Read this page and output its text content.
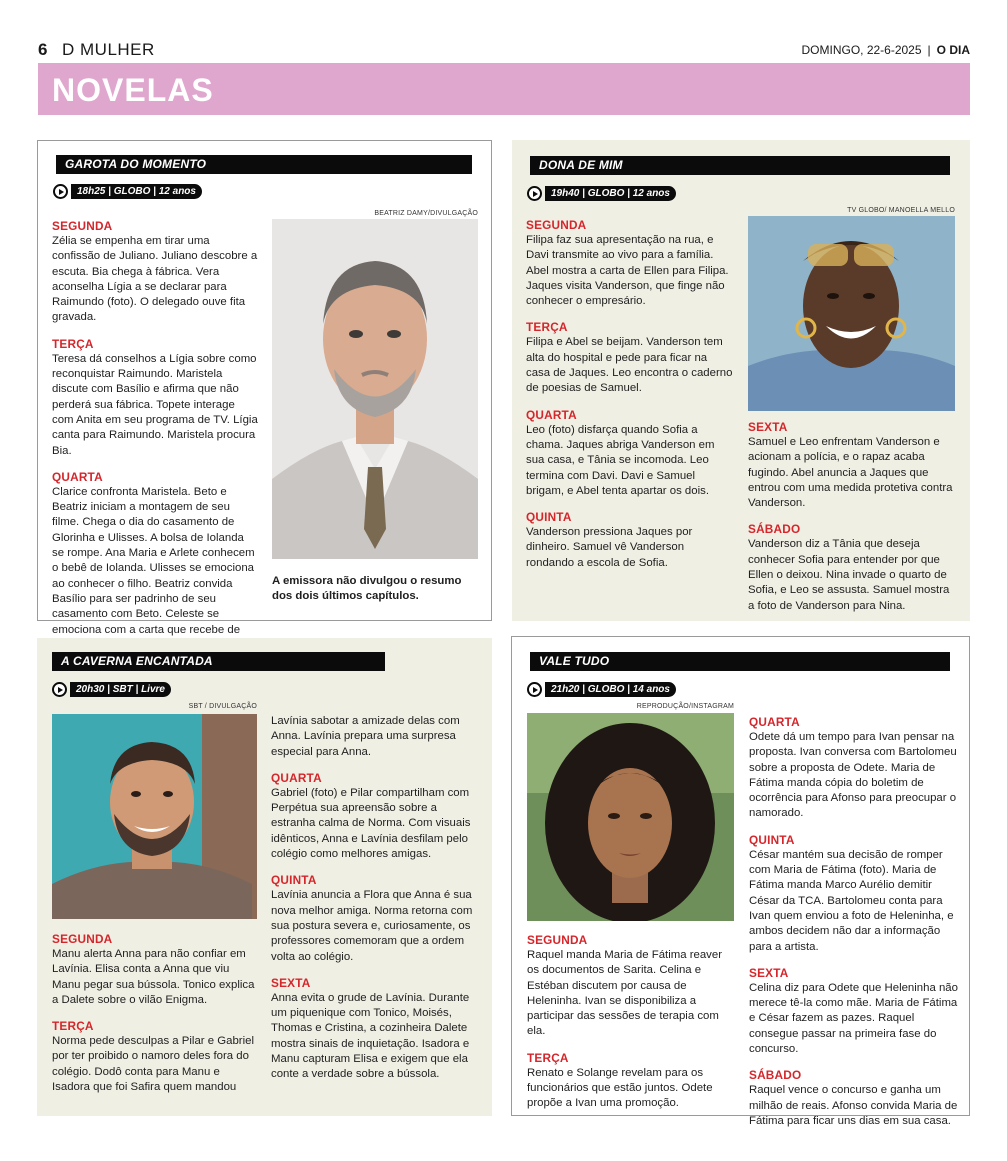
6 D MULHER	DOMINGO, 22-6-2025 | O DIA
NOVELAS
GAROTA DO MOMENTO
18h25 | GLOBO | 12 anos
SEGUNDA

Zélia se empenha em tirar uma confissão de Juliano. Juliano descobre a escuta. Bia chega à fábrica. Vera aconselha Lígia a se declarar para Raimundo (foto). O delegado ouve fita gravada.

TERÇA

Teresa dá conselhos a Lígia sobre como reconquistar Raimundo. Maristela discute com Basílio e afirma que não perderá sua fábrica. Topete interage com Anita em seu programa de TV. Lígia canta para Raimundo. Maristela procura Bia.

QUARTA

Clarice confronta Maristela. Beto e Beatriz iniciam a montagem de seu filme. Chega o dia do casamento de Glorinha e Ulisses. A bolsa de Iolanda se rompe. Ana Maria e Arlete conhecem o bebê de Iolanda. Ulisses se emociona ao conhecer o filho. Beatriz convida Basílio para ser padrinho de seu casamento com Beto. Celeste se emociona com a carta que recebe de

BEATRIZ DAMY/DIVULGAÇÃO
A emissora não divulgou o resumo dos dois últimos capítulos.
DONA DE MIM
19h40 | GLOBO | 12 anos
SEGUNDA

Filipa faz sua apresentação na rua, e Davi transmite ao vivo para a família. Abel mostra a carta de Ellen para Filipa. Jaques visita Vanderson, que finge não conhecer o empresário.

TERÇA

Filipa e Abel se beijam. Vanderson tem alta do hospital e pede para ficar na casa de Jaques. Leo encontra o caderno de poesias de Samuel.

QUARTA

Leo (foto) disfarça quando Sofia a chama. Jaques abriga Vanderson em sua casa, e Tânia se incomoda. Leo termina com Davi. Davi e Samuel brigam, e Abel tenta apartar os dois.

QUINTA

Vanderson pressiona Jaques por dinheiro. Samuel vê Vanderson rondando a escola de Sofia.

TV GLOBO/ MANOELLA MELLO
SEXTA

Samuel e Leo enfrentam Vanderson e acionam a polícia, e o rapaz acaba fugindo. Abel anuncia a Jaques que entrou com uma medida protetiva contra Vanderson.

SÁBADO

Vanderson diz a Tânia que deseja conhecer Sofia para entender por que Ellen o deixou. Nina invade o quarto de Sofia, e Leo se assusta. Samuel mostra a foto de Vanderson para Nina.

A CAVERNA ENCANTADA
20h30 | SBT | Livre
SBT / DIVULGAÇÃO
SEGUNDA

Manu alerta Anna para não confiar em Lavínia. Elisa conta a Anna que viu Manu pegar sua bússola. Tonico explica a Dalete sobre o vilão Enigma.

TERÇA

Norma pede desculpas a Pilar e Gabriel por ter proibido o namoro deles fora do colégio. Dodô conta para Manu e Isadora que foi Safira quem mandou

Lavínia sabotar a amizade delas com Anna. Lavínia prepara uma surpresa especial para Anna.

QUARTA

Gabriel (foto) e Pilar compartilham com Perpétua sua apreensão sobre a estranha calma de Norma. Com visuais idênticos, Anna e Lavínia desfilam pelo colégio como melhores amigas.

QUINTA

Lavínia anuncia a Flora que Anna é sua nova melhor amiga. Norma retorna com sua postura severa e, curiosamente, os professores comemoram que a ordem volta ao colégio.

SEXTA

Anna evita o grude de Lavínia. Durante um piquenique com Tonico, Moisés, Thomas e Cristina, a cozinheira Dalete mostra sinais de inquietação. Isadora e Manu capturam Elisa e exigem que ela conte a verdade sobre a bússola.

VALE TUDO
21h20 | GLOBO | 14 anos
REPRODUÇÃO/INSTAGRAM
SEGUNDA

Raquel manda Maria de Fátima reaver os documentos de Sarita. Celina e Estéban discutem por causa de Heleninha. Ivan se disponibiliza a participar das sessões de terapia com ela.

TERÇA

Renato e Solange revelam para os funcionários que estão juntos. Odete propõe a Ivan uma promoção.

QUARTA

Odete dá um tempo para Ivan pensar na proposta. Ivan conversa com Bartolomeu sobre a proposta de Odete. Maria de Fátima manda cópia do boletim de ocorrência para Afonso para preocupar o namorado.

QUINTA

César mantém sua decisão de romper com Maria de Fátima (foto). Maria de Fátima manda Marco Aurélio demitir César da TCA. Bartolomeu conta para Ivan quem enviou a foto de Heleninha, e ambos decidem não dar a informação para a artista.

SEXTA

Celina diz para Odete que Heleninha não merece tê-la como mãe. Maria de Fátima e César fazem as pazes. Raquel consegue passar na primeira fase do concurso.

SÁBADO

Raquel vence o concurso e ganha um milhão de reais. Afonso convida Maria de Fátima para ficar uns dias em sua casa.
